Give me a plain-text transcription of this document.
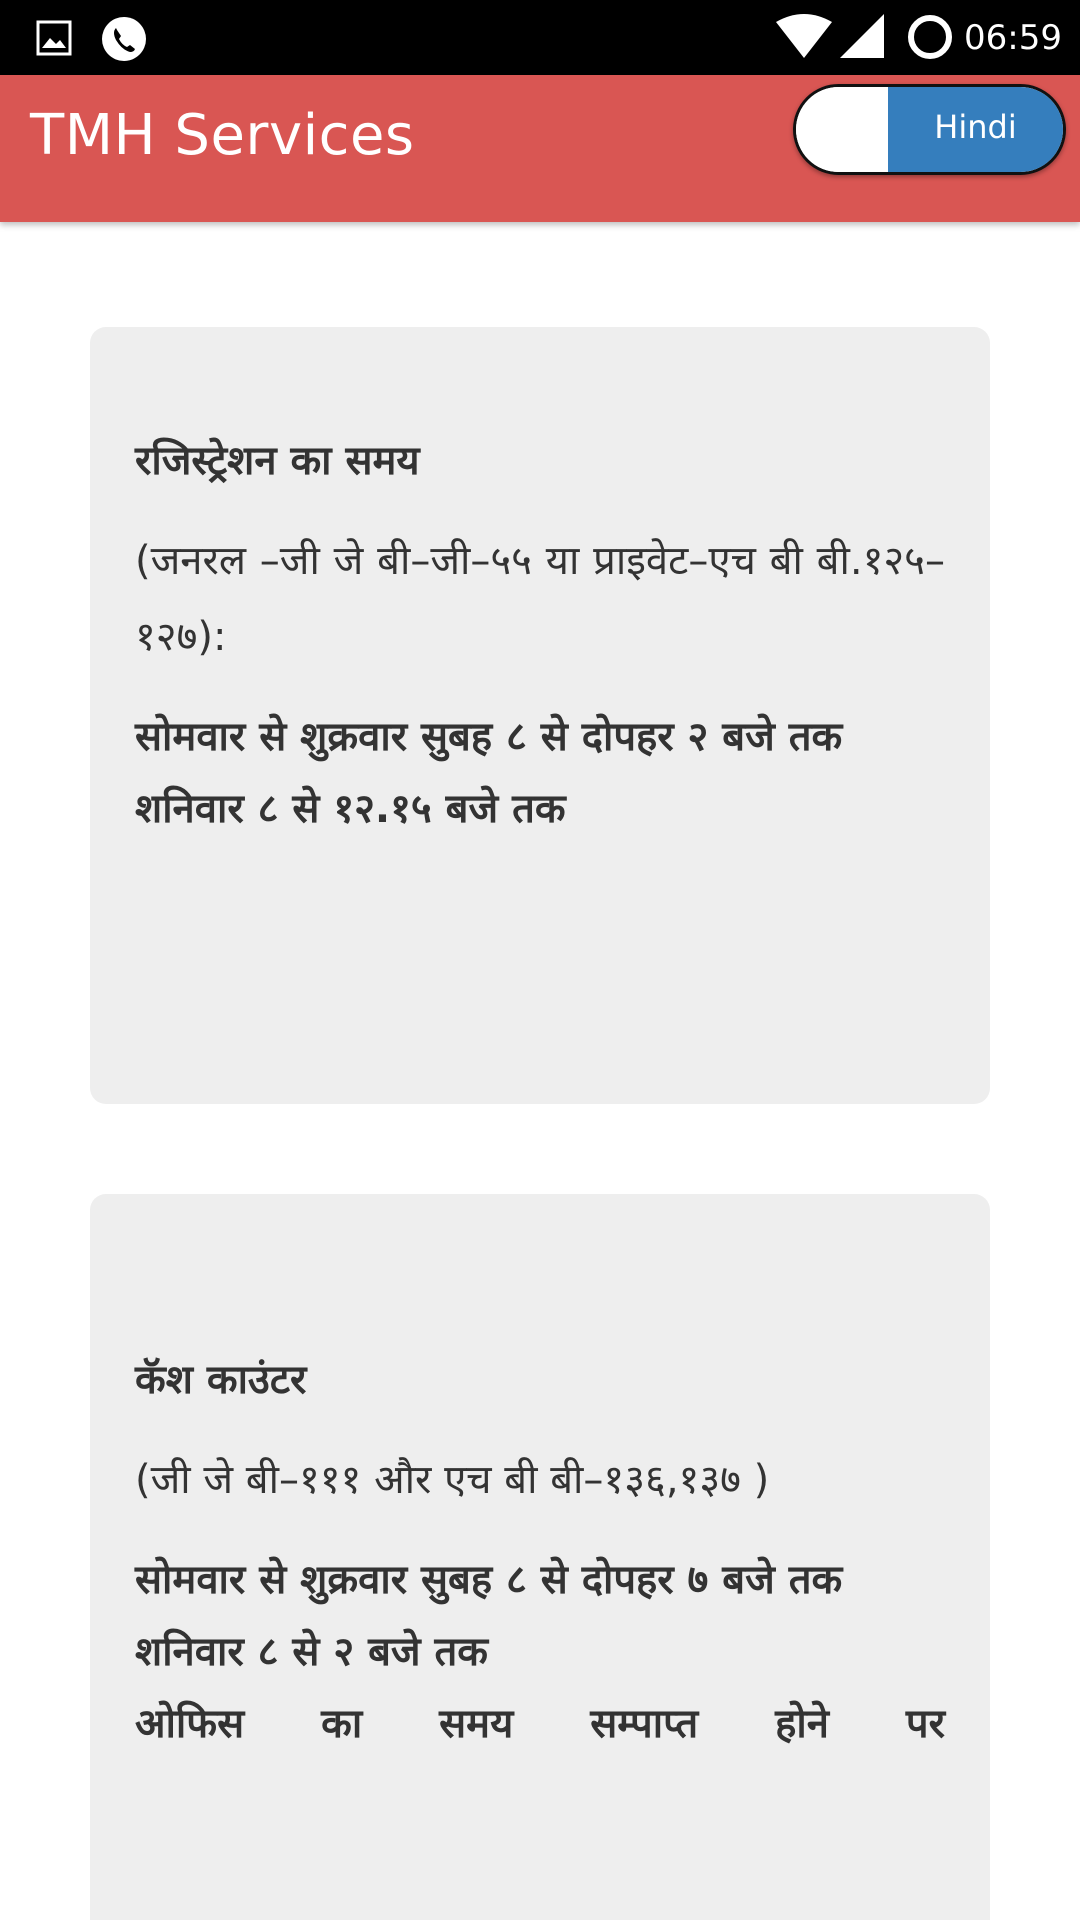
06:59
TMH Services	Hindi
रजिस्ट्रेशन का समय

(जनरल –जी जे बी–जी–५५ या प्राइवेट–एच बी बी.१२५–१२७):

सोमवार से शुक्रवार सुबह ८ से दोपहर २ बजे तक
शनिवार ८ से १२.१५ बजे तक
कॅश काउंटर

(जी जे बी–१११ और एच बी बी–१३६,१३७ )

सोमवार से शुक्रवार सुबह ८ से दोपहर ७ बजे तक
शनिवार ८ से २ बजे तक
ओफिस का समय सम्पाप्त होने पर
